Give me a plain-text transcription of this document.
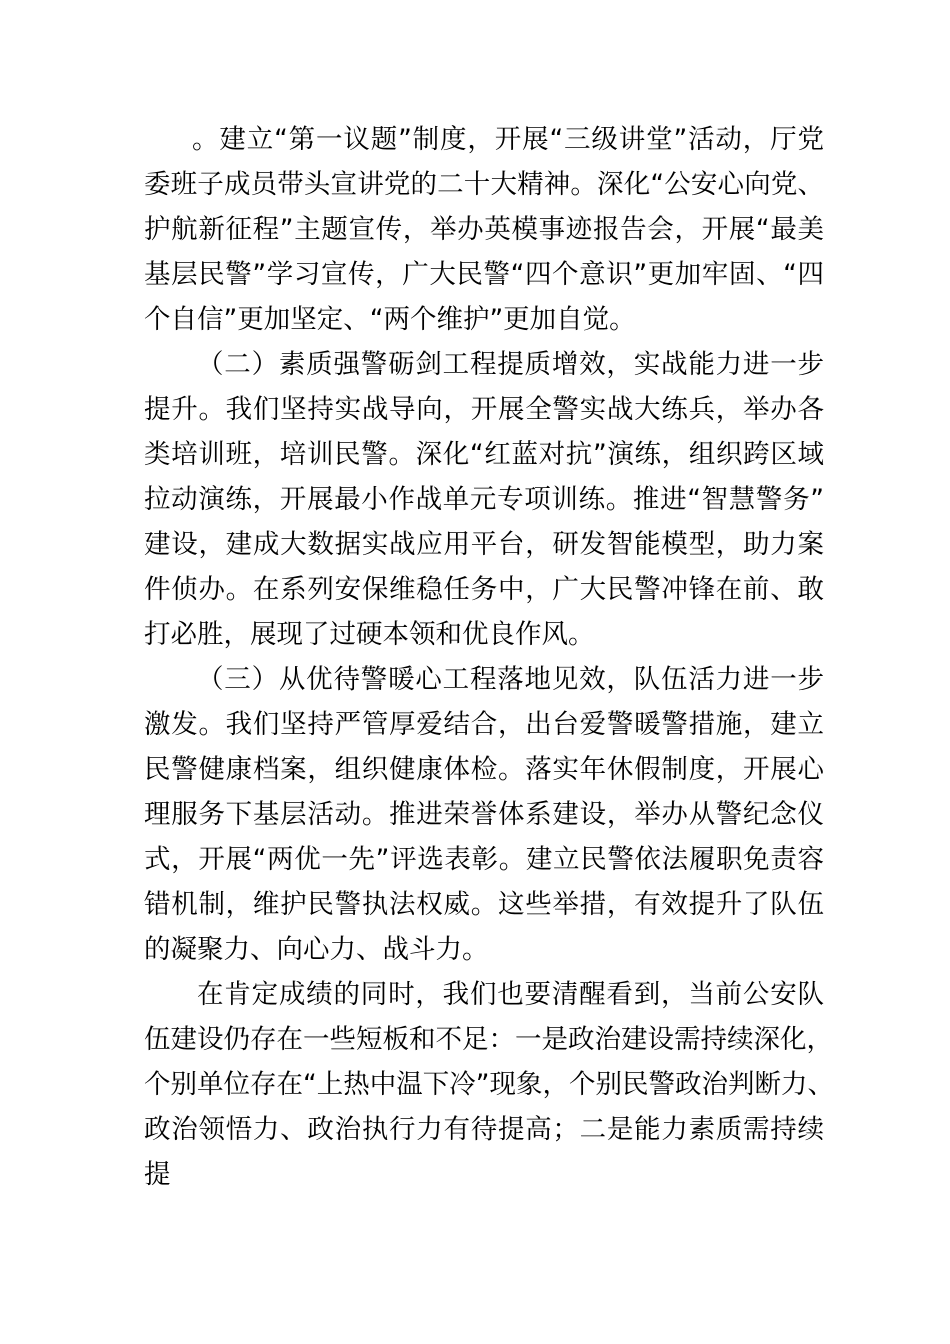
。建立“第一议题”制度，开展“三级讲堂”活动，厅党
委班子成员带头宣讲党的二十大精神。深化“公安心向党、
护航新征程”主题宣传，举办英模事迹报告会，开展“最美
基层民警”学习宣传，广大民警“四个意识”更加牢固、“四
个自信”更加坚定、“两个维护”更加自觉。
（二）素质强警砺剑工程提质增效，实战能力进一步
提升。我们坚持实战导向，开展全警实战大练兵，举办各
类培训班，培训民警。深化“红蓝对抗”演练，组织跨区域
拉动演练，开展最小作战单元专项训练。推进“智慧警务”
建设，建成大数据实战应用平台，研发智能模型，助力案
件侦办。在系列安保维稳任务中，广大民警冲锋在前、敢
打必胜，展现了过硬本领和优良作风。
（三）从优待警暖心工程落地见效，队伍活力进一步
激发。我们坚持严管厚爱结合，出台爱警暖警措施，建立
民警健康档案，组织健康体检。落实年休假制度，开展心
理服务下基层活动。推进荣誉体系建设，举办从警纪念仪
式，开展“两优一先”评选表彰。建立民警依法履职免责容
错机制，维护民警执法权威。这些举措，有效提升了队伍
的凝聚力、向心力、战斗力。
在肯定成绩的同时，我们也要清醒看到，当前公安队
伍建设仍存在一些短板和不足：一是政治建设需持续深化，
个别单位存在“上热中温下冷”现象，个别民警政治判断力、
政治领悟力、政治执行力有待提高；二是能力素质需持续
提
